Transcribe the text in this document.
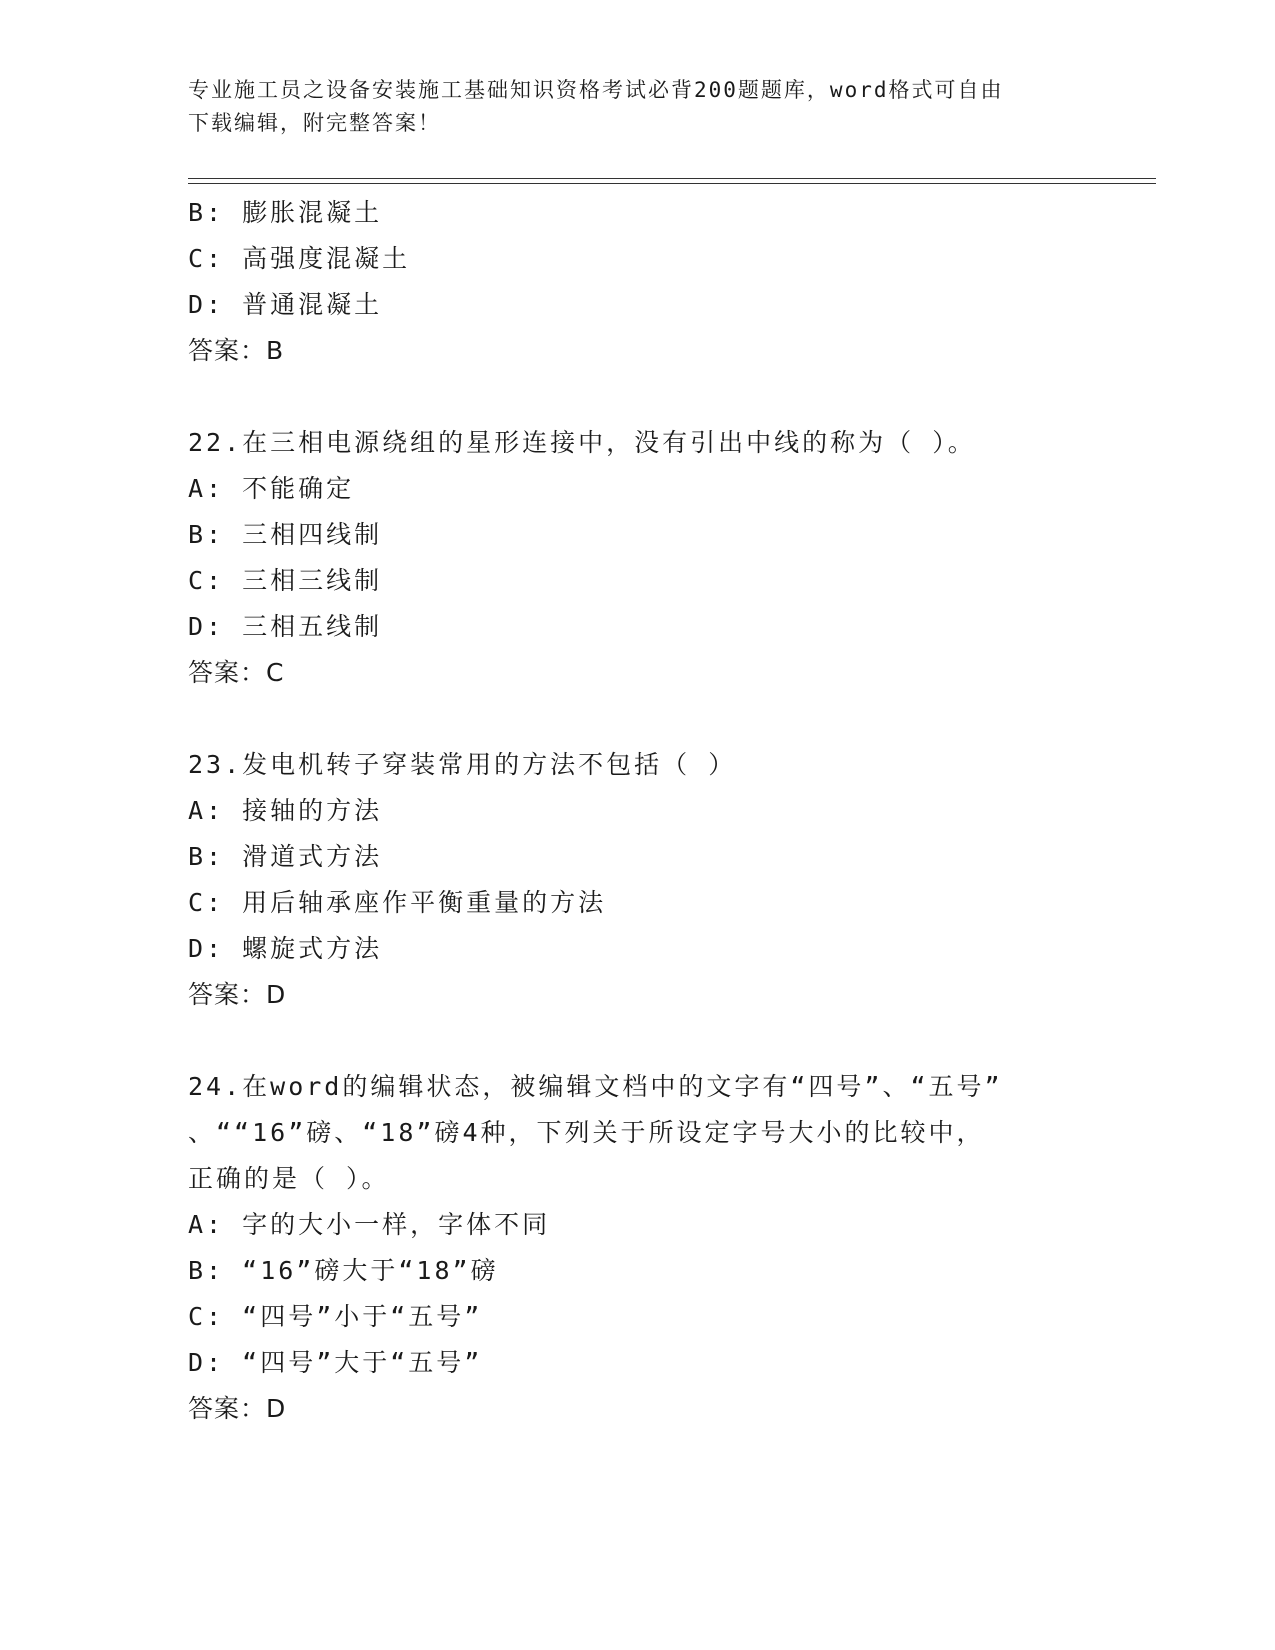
专业施工员之设备安装施工基础知识资格考试必背200题题库，word格式可自由
下载编辑，附完整答案！
B: 膨胀混凝土
C: 高强度混凝土
D: 普通混凝土
答案：B
22.在三相电源绕组的星形连接中，没有引出中线的称为（ ）。
A: 不能确定
B: 三相四线制
C: 三相三线制
D: 三相五线制
答案：C
23.发电机转子穿装常用的方法不包括（ ）
A: 接轴的方法
B: 滑道式方法
C: 用后轴承座作平衡重量的方法
D: 螺旋式方法
答案：D
24.在word的编辑状态，被编辑文档中的文字有“四号”、“五号”
、““16”磅、“18”磅4种，下列关于所设定字号大小的比较中，
正确的是（ ）。
A: 字的大小一样，字体不同
B: “16”磅大于“18”磅
C: “四号”小于“五号”
D: “四号”大于“五号”
答案：D
